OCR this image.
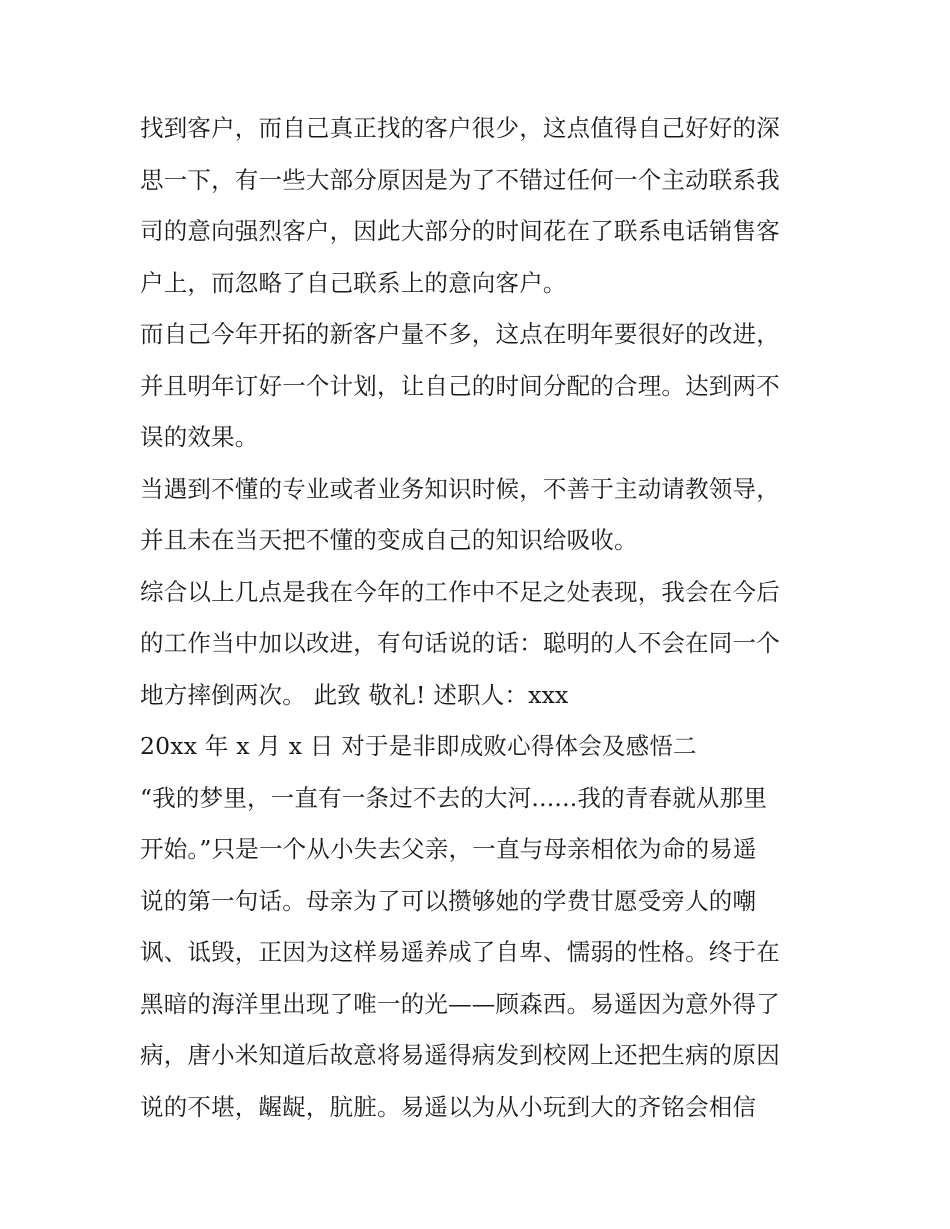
找到客户，而自己真正找的客户很少，这点值得自己好好的深
思一下，有一些大部分原因是为了不错过任何一个主动联系我
司的意向强烈客户，因此大部分的时间花在了联系电话销售客
户上，而忽略了自己联系上的意向客户。
而自己今年开拓的新客户量不多，这点在明年要很好的改进，
并且明年订好一个计划，让自己的时间分配的合理。达到两不
误的效果。
当遇到不懂的专业或者业务知识时候，不善于主动请教领导，
并且未在当天把不懂的变成自己的知识给吸收。
综合以上几点是我在今年的工作中不足之处表现，我会在今后
的工作当中加以改进，有句话说的话：聪明的人不会在同一个
地方摔倒两次。 此致 敬礼! 述职人：xxx
20xx 年 x 月 x 日 对于是非即成败心得体会及感悟二
“我的梦里，一直有一条过不去的大河......我的青春就从那里
开始。”只是一个从小失去父亲，一直与母亲相依为命的易遥
说的第一句话。母亲为了可以攒够她的学费甘愿受旁人的嘲
讽、诋毁，正因为这样易遥养成了自卑、懦弱的性格。终于在
黑暗的海洋里出现了唯一的光——顾森西。易遥因为意外得了
病，唐小米知道后故意将易遥得病发到校网上还把生病的原因
说的不堪，龌龊，肮脏。易遥以为从小玩到大的齐铭会相信
